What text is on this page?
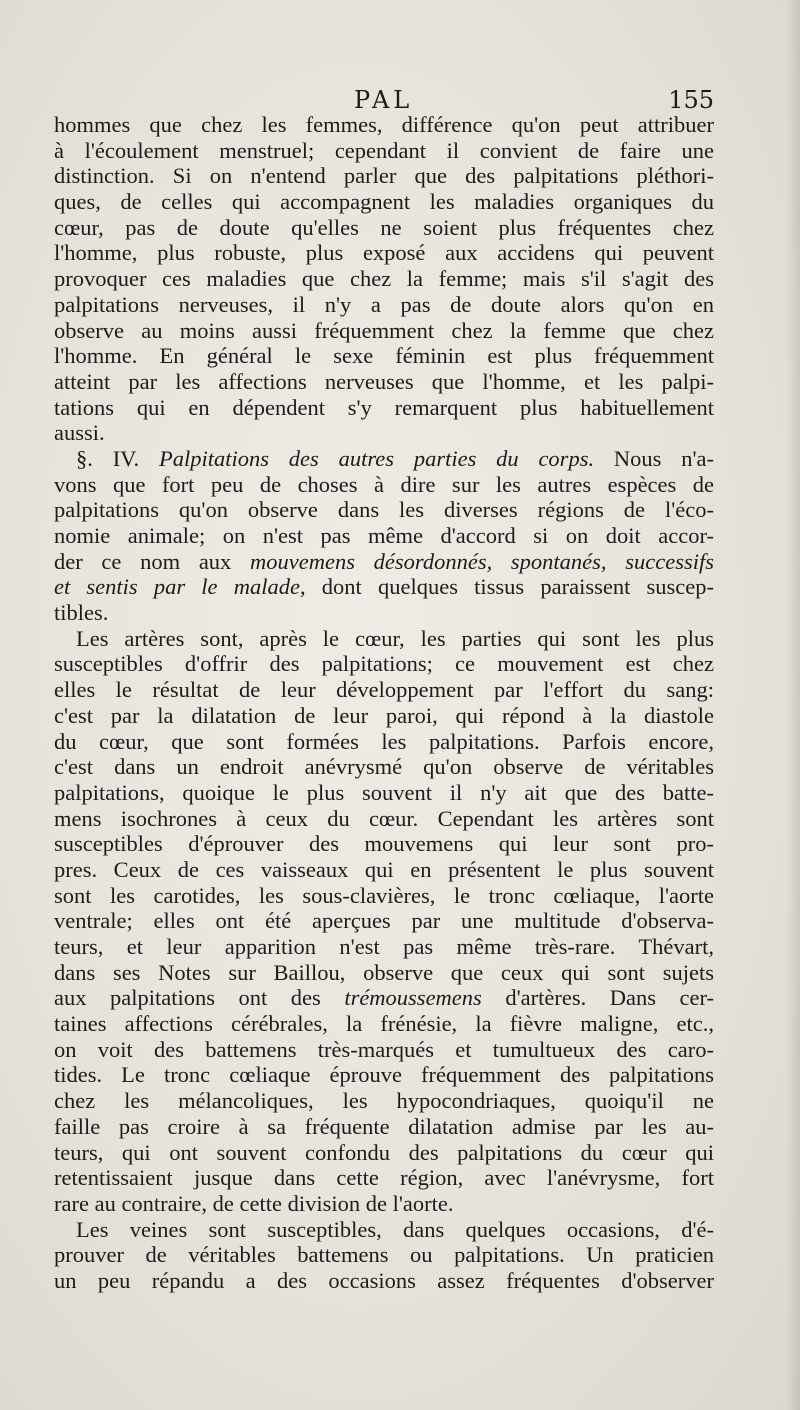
PAL	155
hommes que chez les femmes, différence qu'on peut attribuer
à l'écoulement menstruel; cependant il convient de faire une
distinction. Si on n'entend parler que des palpitations pléthori-
ques, de celles qui accompagnent les maladies organiques du
cœur, pas de doute qu'elles ne soient plus fréquentes chez
l'homme, plus robuste, plus exposé aux accidens qui peuvent
provoquer ces maladies que chez la femme; mais s'il s'agit des
palpitations nerveuses, il n'y a pas de doute alors qu'on en
observe au moins aussi fréquemment chez la femme que chez
l'homme. En général le sexe féminin est plus fréquemment
atteint par les affections nerveuses que l'homme, et les palpi-
tations qui en dépendent s'y remarquent plus habituellement
aussi.
§. IV. Palpitations des autres parties du corps. Nous n'a-
vons que fort peu de choses à dire sur les autres espèces de
palpitations qu'on observe dans les diverses régions de l'éco-
nomie animale; on n'est pas même d'accord si on doit accor-
der ce nom aux mouvemens désordonnés, spontanés, successifs
et sentis par le malade, dont quelques tissus paraissent suscep-
tibles.
Les artères sont, après le cœur, les parties qui sont les plus
susceptibles d'offrir des palpitations; ce mouvement est chez
elles le résultat de leur développement par l'effort du sang:
c'est par la dilatation de leur paroi, qui répond à la diastole
du cœur, que sont formées les palpitations. Parfois encore,
c'est dans un endroit anévrysmé qu'on observe de véritables
palpitations, quoique le plus souvent il n'y ait que des batte-
mens isochrones à ceux du cœur. Cependant les artères sont
susceptibles d'éprouver des mouvemens qui leur sont pro-
pres. Ceux de ces vaisseaux qui en présentent le plus souvent
sont les carotides, les sous-clavières, le tronc cœliaque, l'aorte
ventrale; elles ont été aperçues par une multitude d'observa-
teurs, et leur apparition n'est pas même très-rare. Thévart,
dans ses Notes sur Baillou, observe que ceux qui sont sujets
aux palpitations ont des trémoussemens d'artères. Dans cer-
taines affections cérébrales, la frénésie, la fièvre maligne, etc.,
on voit des battemens très-marqués et tumultueux des caro-
tides. Le tronc cœliaque éprouve fréquemment des palpitations
chez les mélancoliques, les hypocondriaques, quoiqu'il ne
faille pas croire à sa fréquente dilatation admise par les au-
teurs, qui ont souvent confondu des palpitations du cœur qui
retentissaient jusque dans cette région, avec l'anévrysme, fort
rare au contraire, de cette division de l'aorte.
Les veines sont susceptibles, dans quelques occasions, d'é-
prouver de véritables battemens ou palpitations. Un praticien
un peu répandu a des occasions assez fréquentes d'observer
